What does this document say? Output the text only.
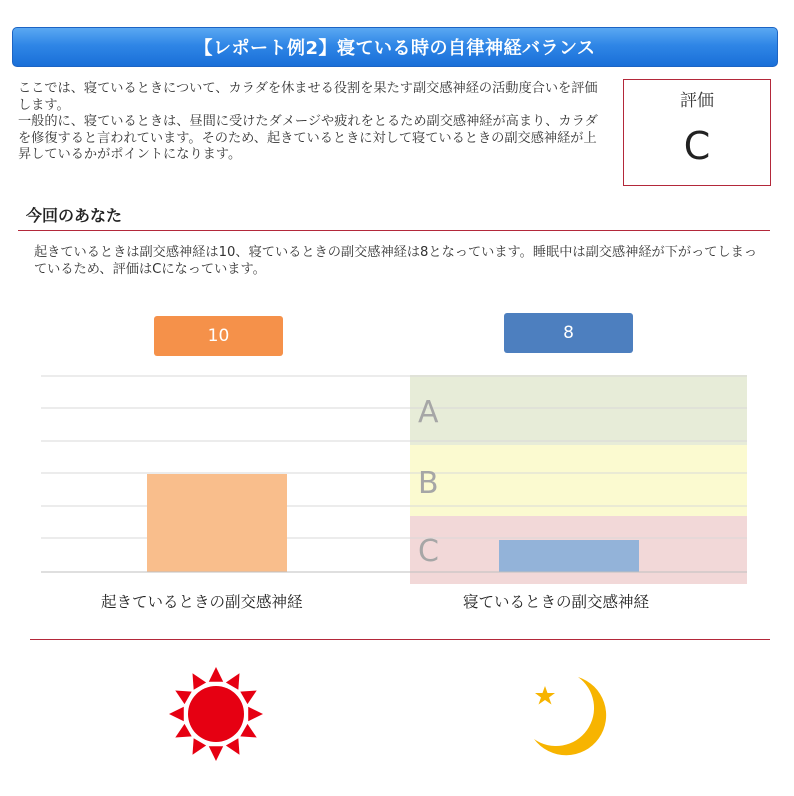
【レポート例2】寝ている時の自律神経バランス

ここでは、寝ているときについて、カラダを休ませる役割を果たす副交感神経の活動度合いを評価します。

一般的に、寝ているときは、昼間に受けたダメージや疲れをとるため副交感神経が高まり、カラダを修復すると言われています。そのため、起きているときに対して寝ているときの副交感神経が上昇しているかがポイントになります。

評価
C
今回のあなた
起きているときは副交感神経は10、寝ているときの副交感神経は8となっています。睡眠中は副交感神経が下がってしまっているため、評価はCになっています。
10	8
A
B
C
起きているときの副交感神経	寝ているときの副交感神経
